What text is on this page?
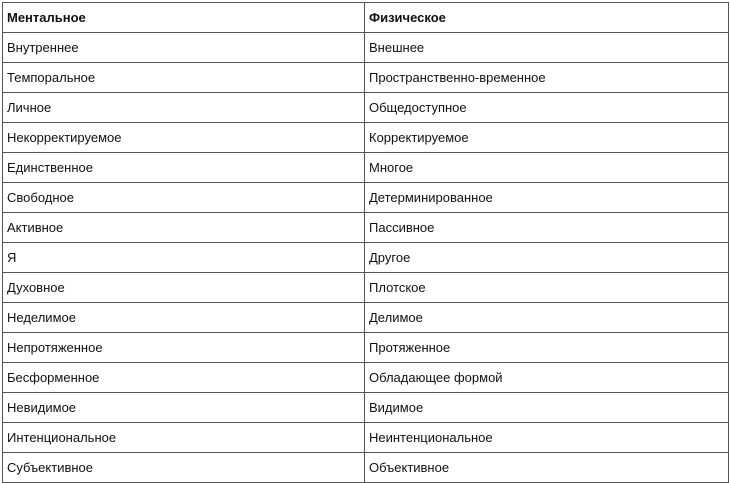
Ментальное	Физическое
Внутреннее	Внешнее
Темпоральное	Пространственно-временное
Личное	Общедоступное
Некорректируемое	Корректируемое
Единственное	Многое
Свободное	Детерминированное
Активное	Пассивное
Я	Другое
Духовное	Плотское
Неделимое	Делимое
Непротяженное	Протяженное
Бесформенное	Обладающее формой
Невидимое	Видимое
Интенциональное	Неинтенциональное
Субъективное	Объективное
